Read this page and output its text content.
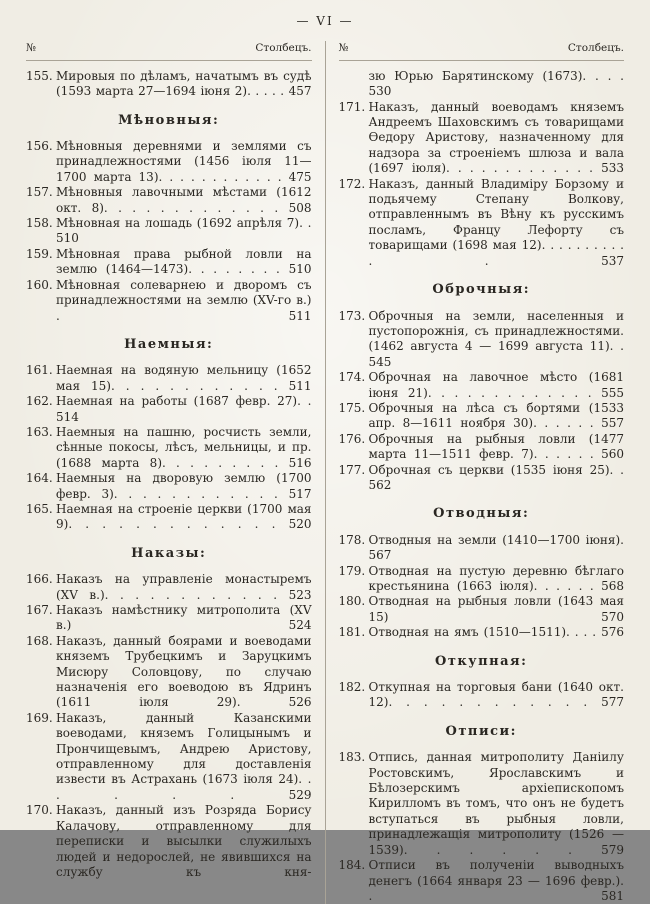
— VI —
№	Столбецъ.

155. Мировыя по дѣламъ, начатымъ въ судѣ (1593 марта 27—1694 іюня 2). . . . . 457

Мѣновныя:

156. Мѣновныя деревнями и землями съ принадлежностями (1456 іюля 11—1700 марта 13). . . . . . . . . . . . 475

157. Мѣновныя лавочными мѣстами (1612 окт. 8). . . . . . . . . . . . . 508

158. Мѣновная на лошадь (1692 апрѣля 7). . 510

159. Мѣновная права рыбной ловли на землю (1464—1473). . . . . . . . 510

160. Мѣновная солеварнею и дворомъ съ принадлежностями на землю (XV-го в.) .	511

Наемныя:

161. Наемная на водяную мельницу (1652 мая 15). . . . . . . . . . . . 511

162. Наемная на работы (1687 февр. 27). . 514

163. Наемныя на пашню, росчисть земли, сѣнные покосы, лѣсъ, мельницы, и пр. (1688 марта 8). . . . . . . . . 516

164. Наемныя на дворовую землю (1700 февр. 3). . . . . . . . . . . . 517

165. Наемная на строеніе церкви (1700 мая 9). . . . . . . . . . . . . 520

Наказы:

166. Наказъ на управленіе монастыремъ (XV в.). . . . . . . . . . . . 523

167. Наказъ намѣстнику митрополита (XV в.)	524

168. Наказъ, данный боярами и воеводами княземъ Трубецкимъ и Заруцкимъ Мисюру Соловцову, по случаю назначенія его воеводою въ Ядринъ (1611 іюля 29).	526

169. Наказъ, данный Казанскими воеводами, княземъ Голицынымъ и Прончищевымъ, Андрею Аристову, отправленному для доставленія извести въ Астрахань (1673 іюля 24). . . . . .	529

170. Наказъ, данный изъ Розряда Борису Калачову, отправленному для переписки и высылки служилыхъ людей и недорослей, не явившихся на службу къ кня-

№	Столбецъ.

зю Юрью Барятинскому (1673). . . . 530

171. Наказъ, данный воеводамъ княземъ Андреемъ Шаховскимъ съ товарищами Ѳедору Аристову, назначенному для надзора за строеніемъ шлюза и вала (1697 іюля). . . . . . . . . . . . . 533

172. Наказъ, данный Владиміру Борзому и подьячему Степану Волкову, отправленнымъ въ Вѣну къ русскимъ посламъ, Францу Лефорту съ товарищами (1698 мая 12). . . . . . . . . . . .	537

Оброчныя:

173. Оброчныя на земли, населенныя и пустопорожнія, съ принадлежностями. (1462 августа 4 — 1699 августа 11). . 545

174. Оброчная на лавочное мѣсто (1681 іюня 21). . . . . . . . . . . . . 555

175. Оброчныя на лѣса съ бортями (1533 апр. 8—1611 ноября 30). . . . . . 557

176. Оброчныя на рыбныя ловли (1477 марта 11—1511 февр. 7). . . . . . 560

177. Оброчная съ церкви (1535 іюня 25). . 562

Отводныя:

178. Отводныя на земли (1410—1700 іюня). 567

179. Отводная на пустую деревню бѣглаго крестьянина (1663 іюля). . . . . . 568

180. Отводная на рыбныя ловли (1643 мая 15)	570

181. Отводная на ямъ (1510—1511). . . . 576

Откупная:

182. Откупная на торговыя бани (1640 окт. 12). . . . . . . . . . . . 577

Отписи:

183. Отпись, данная митрополиту Даніилу Ростовскимъ, Ярославскимъ и Бѣлозерскимъ архіепископомъ Кирилломъ въ томъ, что онъ не будетъ вступаться въ рыбныя ловли, принадлежащія митрополиту (1526 — 1539). . . . . . 579

184. Отписи въ полученіи выводныхъ денегъ (1664 января 23 — 1696 февр.). .	581
